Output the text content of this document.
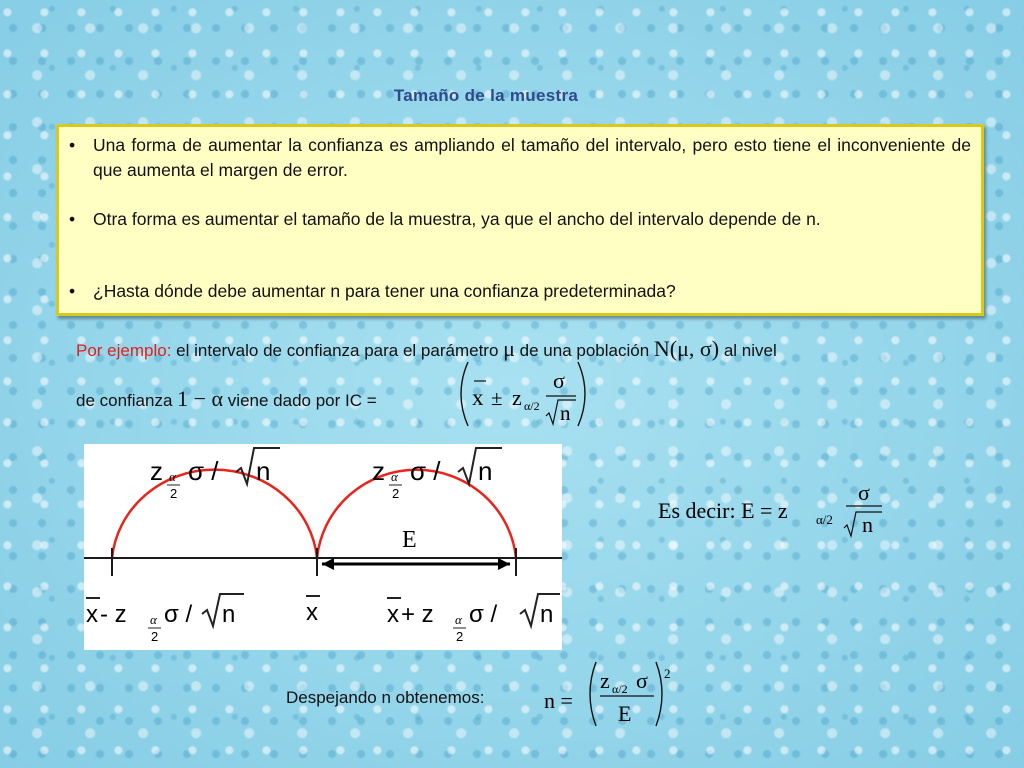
Tamaño de la muestra
• Una forma de aumentar la confianza es ampliando el tamaño del intervalo, pero esto tiene el inconveniente de que aumenta el margen de error.
• Otra forma es aumentar el tamaño de la muestra, ya que el ancho del intervalo depende de n.
• ¿Hasta dónde debe aumentar n para tener una confianza predeterminada?
Por ejemplo: el intervalo de confianza para el parámetro μ de una población N(μ, σ) al nivel
de confianza 1 − α viene dado por IC =	x ± z α/2
σ
n
E
z α
2
σ / n	z α
2
σ / n
x - z α
2
σ / n	x	x + z α
2
σ / n
Es decir: E = z α/2
σ
n
Despejando n obtenemos:	n =
z α/2 σ
E
2
